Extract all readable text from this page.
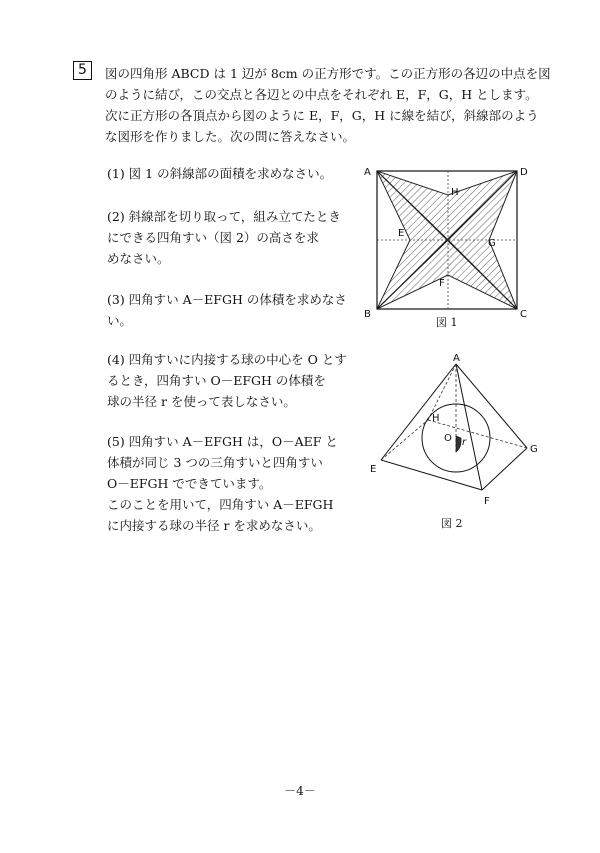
5	図の四角形 ABCD は 1 辺が 8cm の正方形です。この正方形の各辺の中点を図
のように結び，この交点と各辺との中点をそれぞれ E，F，G，H とします。
次に正方形の各頂点から図のように E，F，G，H に線を結び，斜線部のよう
な図形を作りました。次の問に答えなさい。
(1) 図 1 の斜線部の面積を求めなさい。
(2) 斜線部を切り取って，組み立てたとき
にできる四角すい（図 2）の高さを求
めなさい。
(3) 四角すい A－EFGH の体積を求めなさ
い。
(4) 四角すいに内接する球の中心を O とす
るとき，四角すい O－EFGH の体積を
球の半径 r を使って表しなさい。
(5) 四角すい A－EFGH は，O－AEF と
体積が同じ 3 つの三角すいと四角すい
O－EFGH でできています。
このことを用いて，四角すい A－EFGH
に内接する球の半径 r を求めなさい。
A	D
B	C
H
E
G
F
図 1
A
H
O r
G
E
F
図 2
－4－
